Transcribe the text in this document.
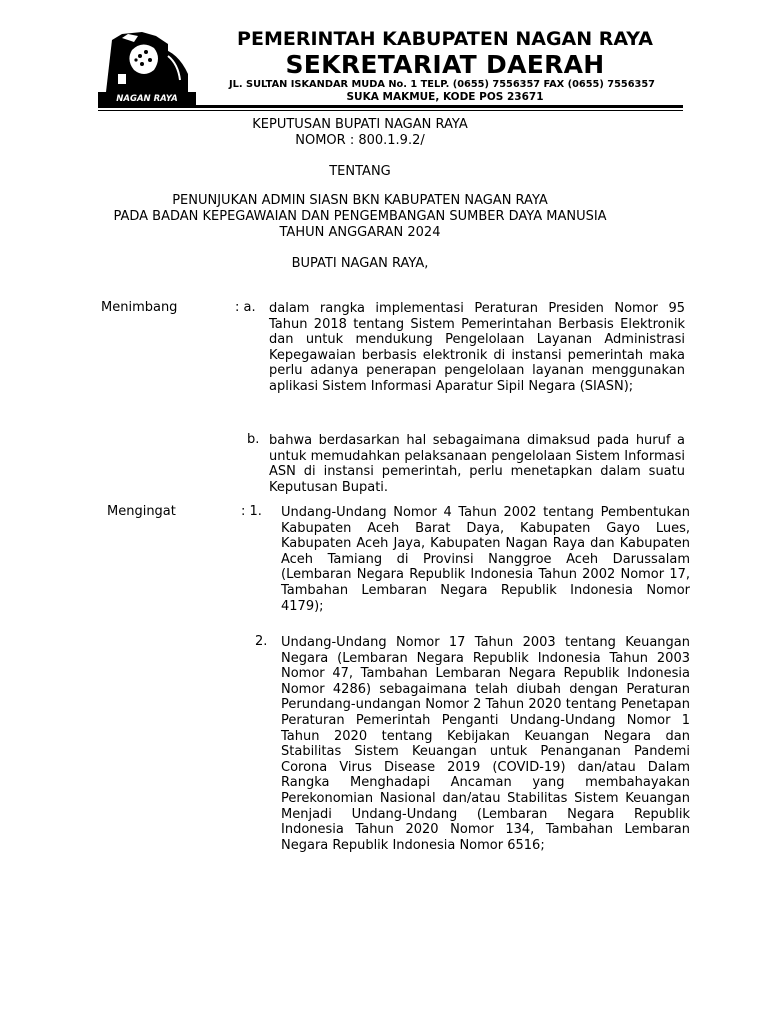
NAGAN RAYA
PEMERINTAH KABUPATEN NAGAN RAYA
SEKRETARIAT DAERAH
JL. SULTAN ISKANDAR MUDA No. 1 TELP. (0655) 7556357 FAX (0655) 7556357
SUKA MAKMUE, KODE POS 23671
KEPUTUSAN BUPATI NAGAN RAYA
NOMOR : 800.1.9.2/
TENTANG
PENUNJUKAN ADMIN SIASN BKN KABUPATEN NAGAN RAYA
PADA BADAN KEPEGAWAIAN DAN PENGEMBANGAN SUMBER DAYA MANUSIA
TAHUN ANGGARAN 2024
BUPATI NAGAN RAYA,
Menimbang	: a. dalam rangka implementasi Peraturan Presiden Nomor 95 Tahun 2018 tentang Sistem Pemerintahan Berbasis Elektronik dan untuk mendukung Pengelolaan Layanan Administrasi Kepegawaian berbasis elektronik di instansi pemerintah maka perlu adanya penerapan pengelolaan layanan menggunakan aplikasi Sistem Informasi Aparatur Sipil Negara (SIASN);
b. bahwa berdasarkan hal sebagaimana dimaksud pada huruf a untuk memudahkan pelaksanaan pengelolaan Sistem Informasi ASN di instansi pemerintah, perlu menetapkan dalam suatu Keputusan Bupati.
Mengingat	: 1. Undang-Undang Nomor 4 Tahun 2002 tentang Pembentukan Kabupaten Aceh Barat Daya, Kabupaten Gayo Lues, Kabupaten Aceh Jaya, Kabupaten Nagan Raya dan Kabupaten Aceh Tamiang di Provinsi Nanggroe Aceh Darussalam (Lembaran Negara Republik Indonesia Tahun 2002 Nomor 17, Tambahan Lembaran Negara Republik Indonesia Nomor 4179);
2. Undang-Undang Nomor 17 Tahun 2003 tentang Keuangan Negara (Lembaran Negara Republik Indonesia Tahun 2003 Nomor 47, Tambahan Lembaran Negara Republik Indonesia Nomor 4286) sebagaimana telah diubah dengan Peraturan Perundang-undangan Nomor 2 Tahun 2020 tentang Penetapan Peraturan Pemerintah Penganti Undang-Undang Nomor 1 Tahun 2020 tentang Kebijakan Keuangan Negara dan Stabilitas Sistem Keuangan untuk Penanganan Pandemi Corona Virus Disease 2019 (COVID-19) dan/atau Dalam Rangka Menghadapi Ancaman yang membahayakan Perekonomian Nasional dan/atau Stabilitas Sistem Keuangan Menjadi Undang-Undang (Lembaran Negara Republik Indonesia Tahun 2020 Nomor 134, Tambahan Lembaran Negara Republik Indonesia Nomor 6516;
